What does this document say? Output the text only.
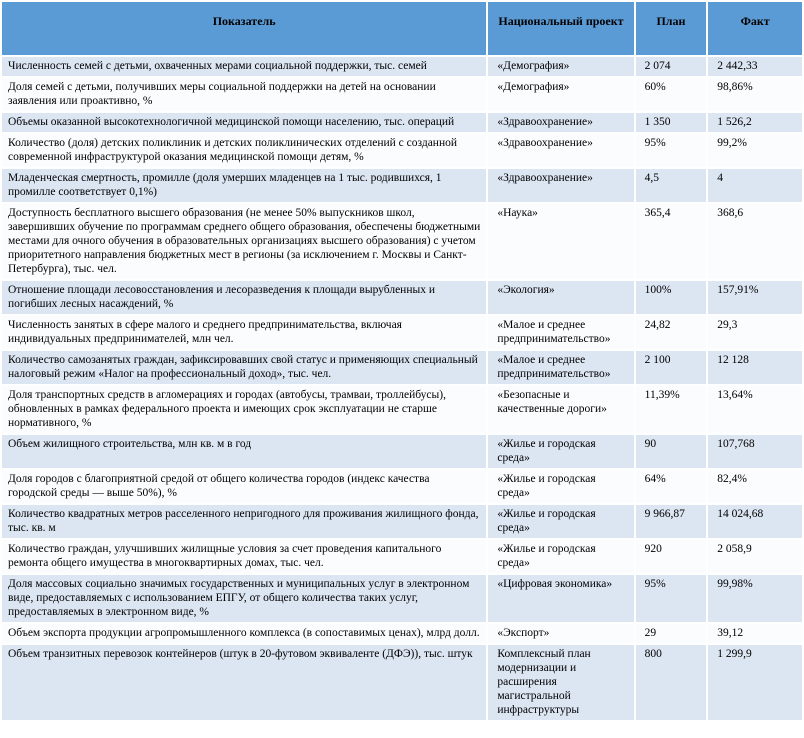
Показатель	Национальный проект	План	Факт
Численность семей с детьми, охваченных мерами социальной поддержки, тыс. семей	«Демография»	2 074	2 442,33
Доля семей с детьми, получивших меры социальной поддержки на детей на основании заявления или проактивно, %	«Демография»	60%	98,86%
Объемы оказанной высокотехнологичной медицинской помощи населению, тыс. операций	«Здравоохранение»	1 350	1 526,2
Количество (доля) детских поликлиник и детских поликлинических отделений с созданной современной инфраструктурой оказания медицинской помощи детям, %	«Здравоохранение»	95%	99,2%
Младенческая смертность, промилле (доля умерших младенцев на 1 тыс. родившихся, 1 промилле соответствует 0,1%)	«Здравоохранение»	4,5	4
Доступность бесплатного высшего образования (не менее 50% выпускников школ, завершивших обучение по программам среднего общего образования, обеспечены бюджетными местами для очного обучения в образовательных организациях высшего образования) с учетом приоритетного направления бюджетных мест в регионы (за исключением г. Москвы и Санкт-Петербурга), тыс. чел.	«Наука»	365,4	368,6
Отношение площади лесовосстановления и лесоразведения к площади вырубленных и погибших лесных насаждений, %	«Экология»	100%	157,91%
Численность занятых в сфере малого и среднего предпринимательства, включая индивидуальных предпринимателей, млн чел.	«Малое и среднее предпринимательство»	24,82	29,3
Количество самозанятых граждан, зафиксировавших свой статус и применяющих специальный налоговый режим «Налог на профессиональный доход», тыс. чел.	«Малое и среднее предпринимательство»	2 100	12 128
Доля транспортных средств в агломерациях и городах (автобусы, трамваи, троллейбусы), обновленных в рамках федерального проекта и имеющих срок эксплуатации не старше нормативного, %	«Безопасные и качественные дороги»	11,39%	13,64%
Объем жилищного строительства, млн кв. м в год	«Жилье и городская среда»	90	107,768
Доля городов с благоприятной средой от общего количества городов (индекс качества городской среды — выше 50%), %	«Жилье и городская среда»	64%	82,4%
Количество квадратных метров расселенного непригодного для проживания жилищного фонда, тыс. кв. м	«Жилье и городская среда»	9 966,87	14 024,68
Количество граждан, улучшивших жилищные условия за счет проведения капитального ремонта общего имущества в многоквартирных домах, тыс. чел.	«Жилье и городская среда»	920	2 058,9
Доля массовых социально значимых государственных и муниципальных услуг в электронном виде, предоставляемых с использованием ЕПГУ, от общего количества таких услуг, предоставляемых в электронном виде, %	«Цифровая экономика»	95%	99,98%
Объем экспорта продукции агропромышленного комплекса (в сопоставимых ценах), млрд долл.	«Экспорт»	29	39,12
Объем транзитных перевозок контейнеров (штук в 20-футовом эквиваленте (ДФЭ)), тыс. штук	Комплексный план модернизации и расширения магистральной инфраструктуры	800	1 299,9
